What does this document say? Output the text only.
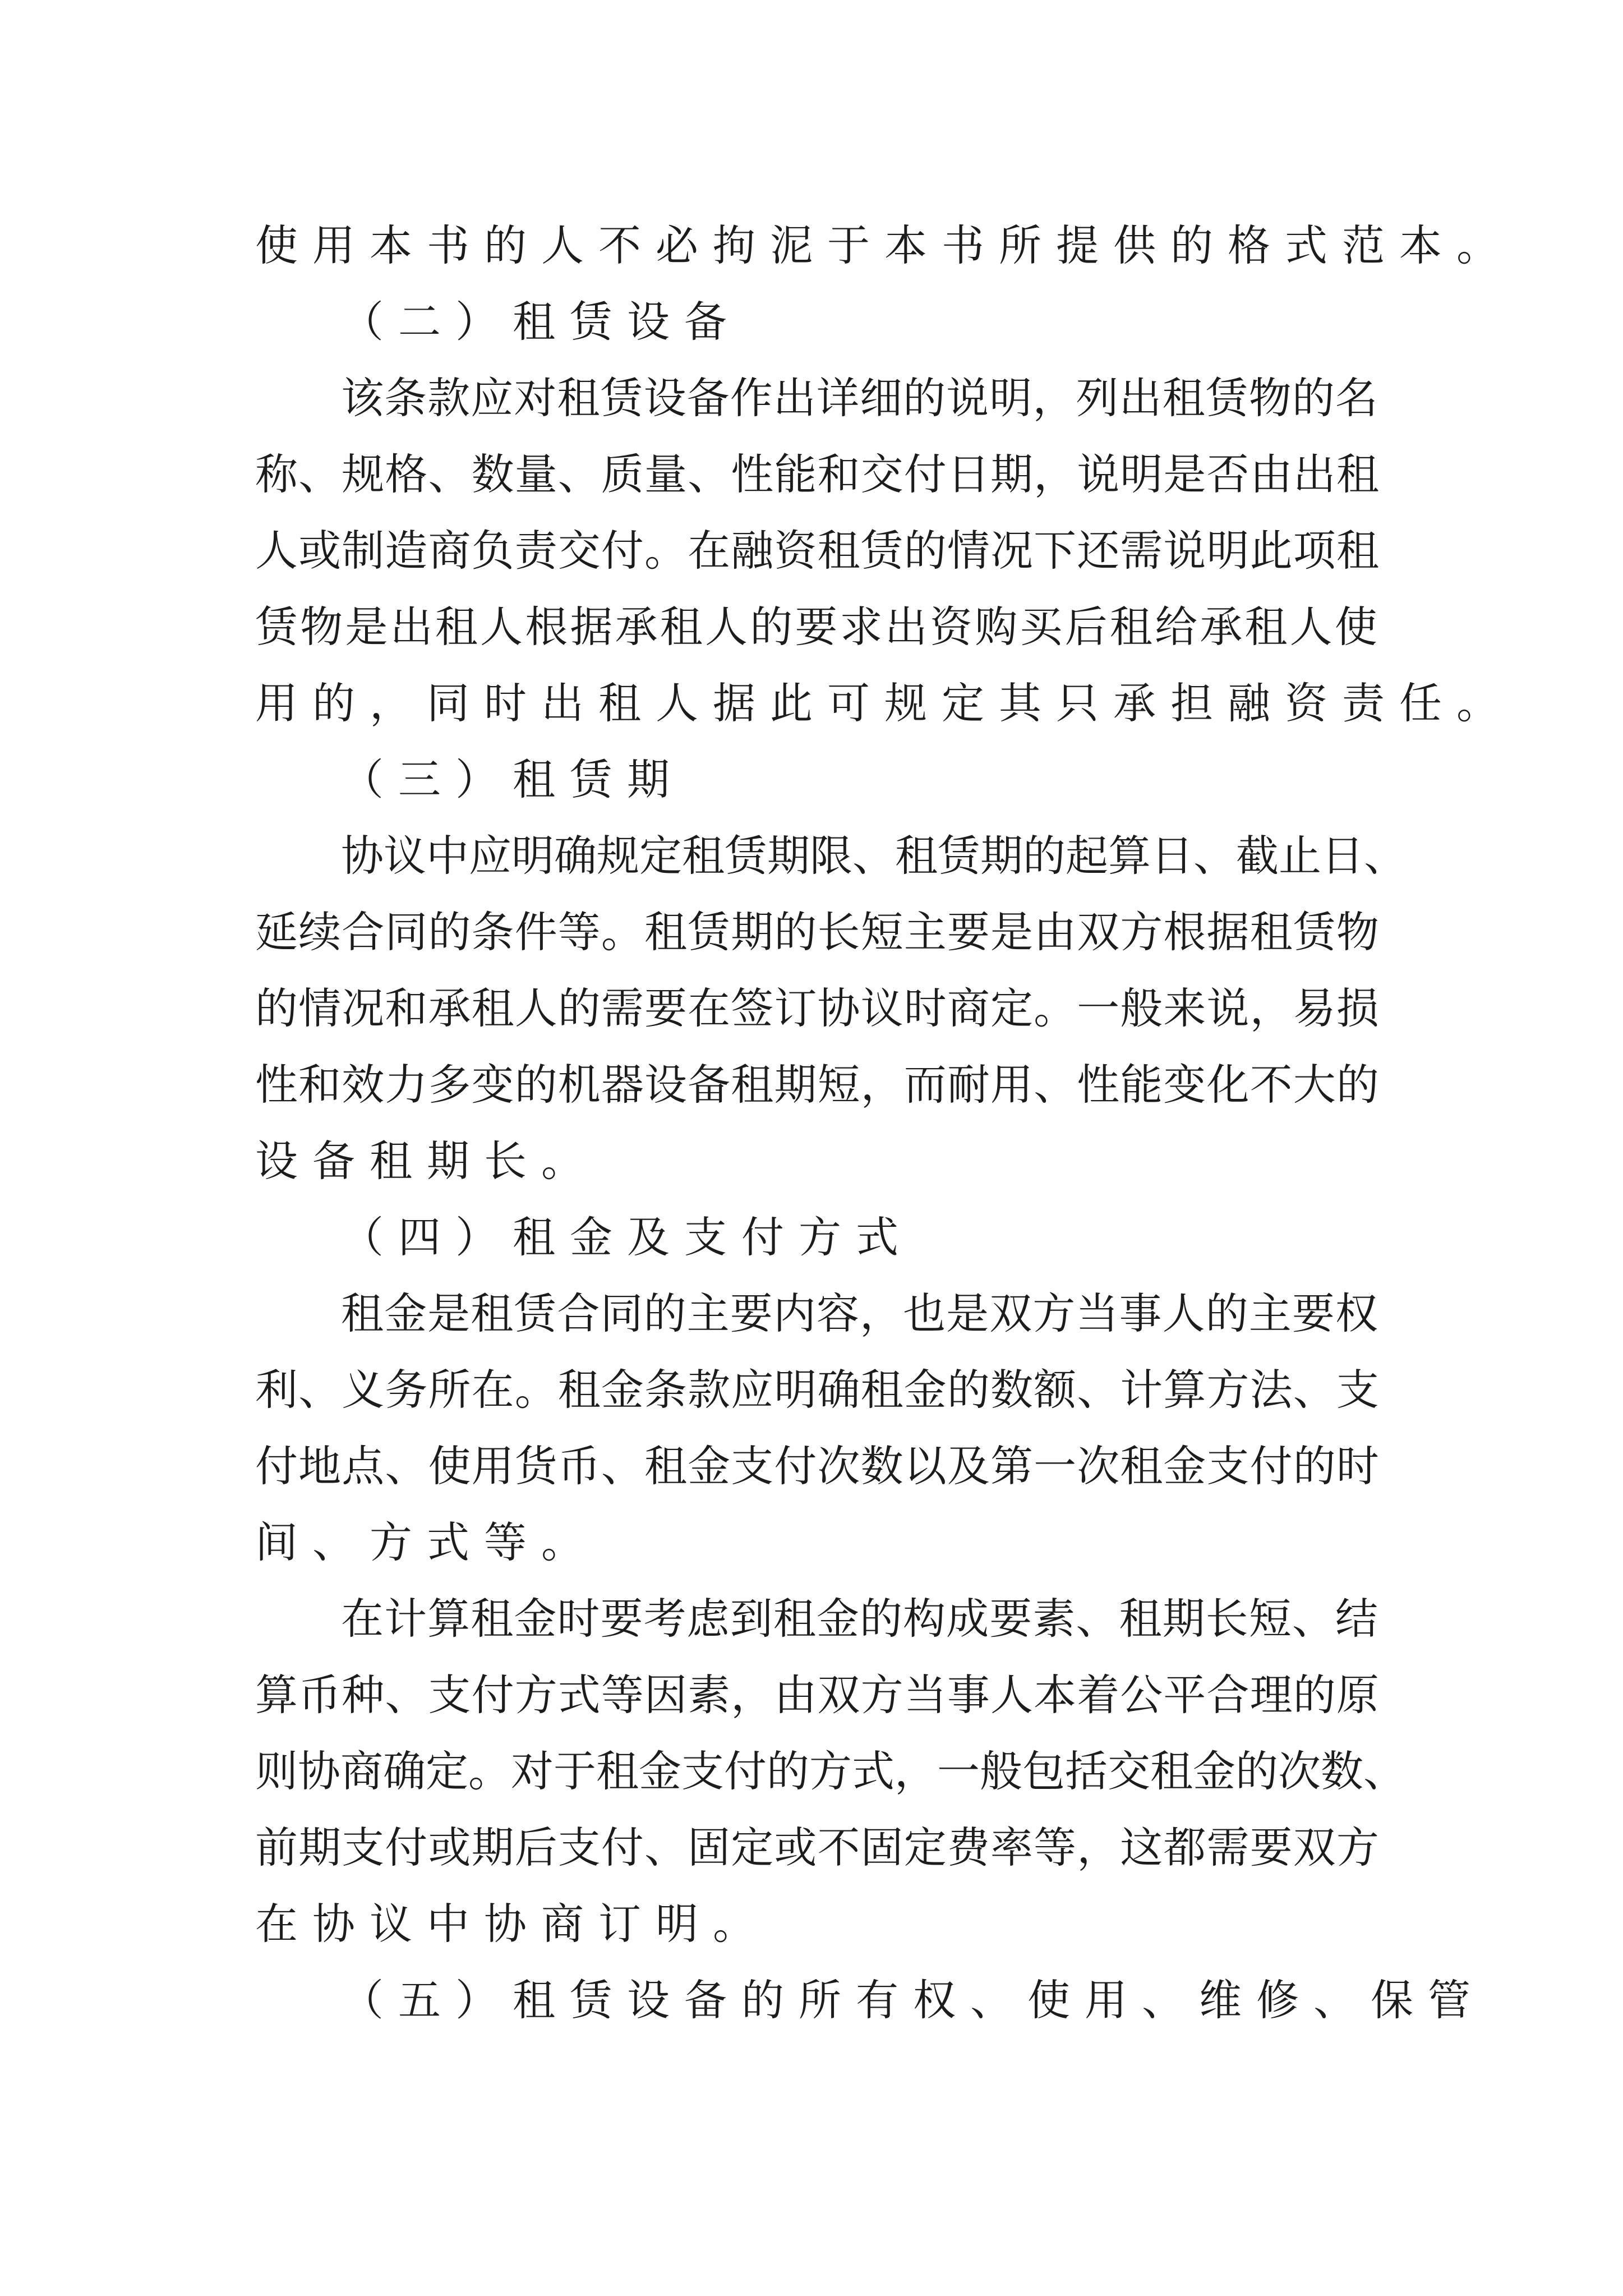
使用本书的人不必拘泥于本书所提供的格式范本。
（二）租赁设备
该条款应对租赁设备作出详细的说明，列出租赁物的名
称、规格、数量、质量、性能和交付日期，说明是否由出租
人或制造商负责交付。在融资租赁的情况下还需说明此项租
赁物是出租人根据承租人的要求出资购买后租给承租人使
用的，同时出租人据此可规定其只承担融资责任。
（三）租赁期
协议中应明确规定租赁期限、租赁期的起算日、截止日、
延续合同的条件等。租赁期的长短主要是由双方根据租赁物
的情况和承租人的需要在签订协议时商定。一般来说，易损
性和效力多变的机器设备租期短，而耐用、性能变化不大的
设备租期长。
（四）租金及支付方式
租金是租赁合同的主要内容，也是双方当事人的主要权
利、义务所在。租金条款应明确租金的数额、计算方法、支
付地点、使用货币、租金支付次数以及第一次租金支付的时
间、方式等。
在计算租金时要考虑到租金的构成要素、租期长短、结
算币种、支付方式等因素，由双方当事人本着公平合理的原
则协商确定。对于租金支付的方式，一般包括交租金的次数、
前期支付或期后支付、固定或不固定费率等，这都需要双方
在协议中协商订明。
（五）租赁设备的所有权、使用、维修、保管
